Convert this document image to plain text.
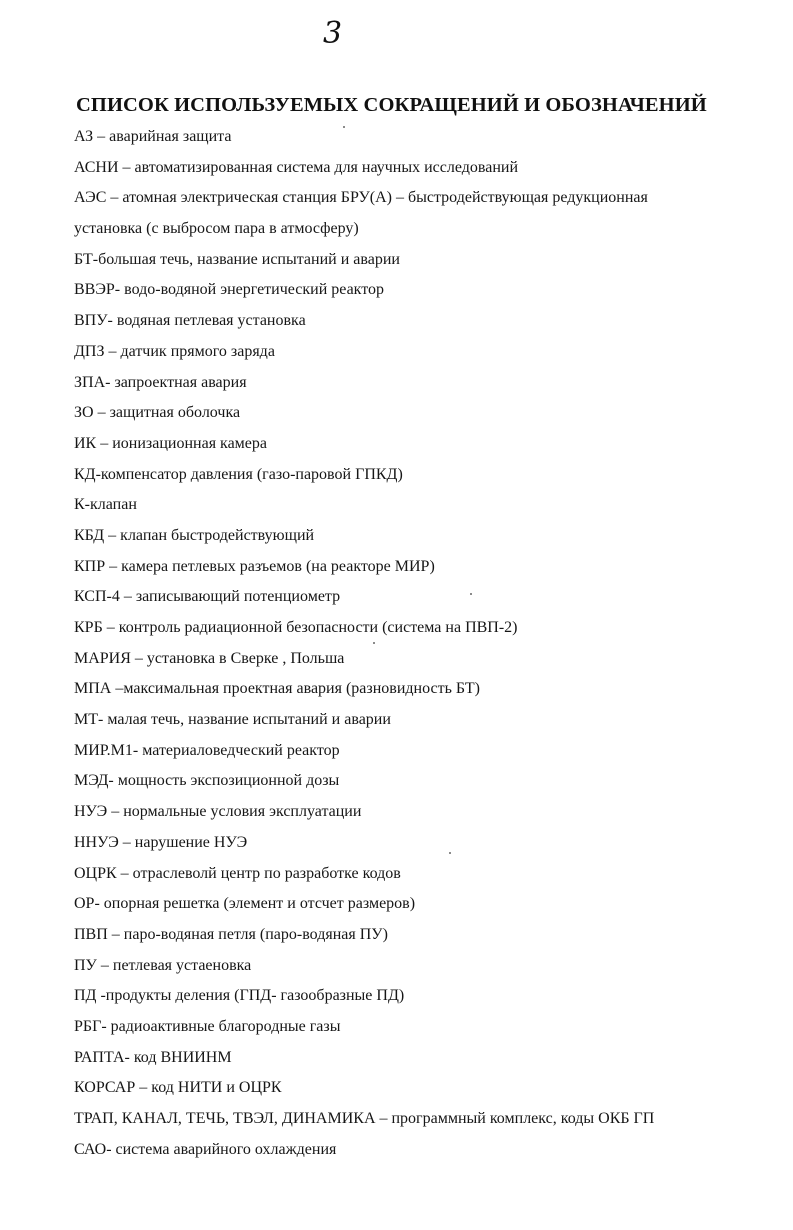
3
СПИСОК ИСПОЛЬЗУЕМЫХ СОКРАЩЕНИЙ И ОБОЗНАЧЕНИЙ
АЗ – аварийная защита
АСНИ – автоматизированная система для научных исследований
АЭС – атомная электрическая станция БРУ(А) – быстродействующая редукционная
установка (с выбросом пара в атмосферу)
БТ-большая течь, название испытаний и аварии
ВВЭР- водо-водяной энергетический реактор
ВПУ- водяная петлевая установка
ДПЗ – датчик прямого заряда
ЗПА- запроектная авария
ЗО – защитная оболочка
ИК – ионизационная камера
КД-компенсатор давления (газо-паровой ГПКД)
К-клапан
КБД – клапан быстродействующий
КПР – камера петлевых разъемов (на реакторе МИР)
КСП-4 – записывающий потенциометр
КРБ – контроль радиационной безопасности (система на ПВП-2)
МАРИЯ – установка в Сверке , Польша
МПА –максимальная проектная авария (разновидность БТ)
МТ- малая течь, название испытаний и аварии
МИР.М1- материаловедческий реактор
МЭД- мощность экспозиционной дозы
НУЭ – нормальные условия эксплуатации
ННУЭ – нарушение НУЭ
ОЦРК – отраслеволй центр по разработке кодов
ОР- опорная решетка (элемент и отсчет размеров)
ПВП – паро-водяная петля (паро-водяная ПУ)
ПУ – петлевая устаеновка
ПД -продукты деления (ГПД- газообразные ПД)
РБГ- радиоактивные благородные газы
РАПТА- код ВНИИНМ
КОРСАР – код НИТИ и ОЦРК
ТРАП, КАНАЛ, ТЕЧЬ, ТВЭЛ, ДИНАМИКА – программный комплекс, коды ОКБ ГП
САО- система аварийного охлаждения
